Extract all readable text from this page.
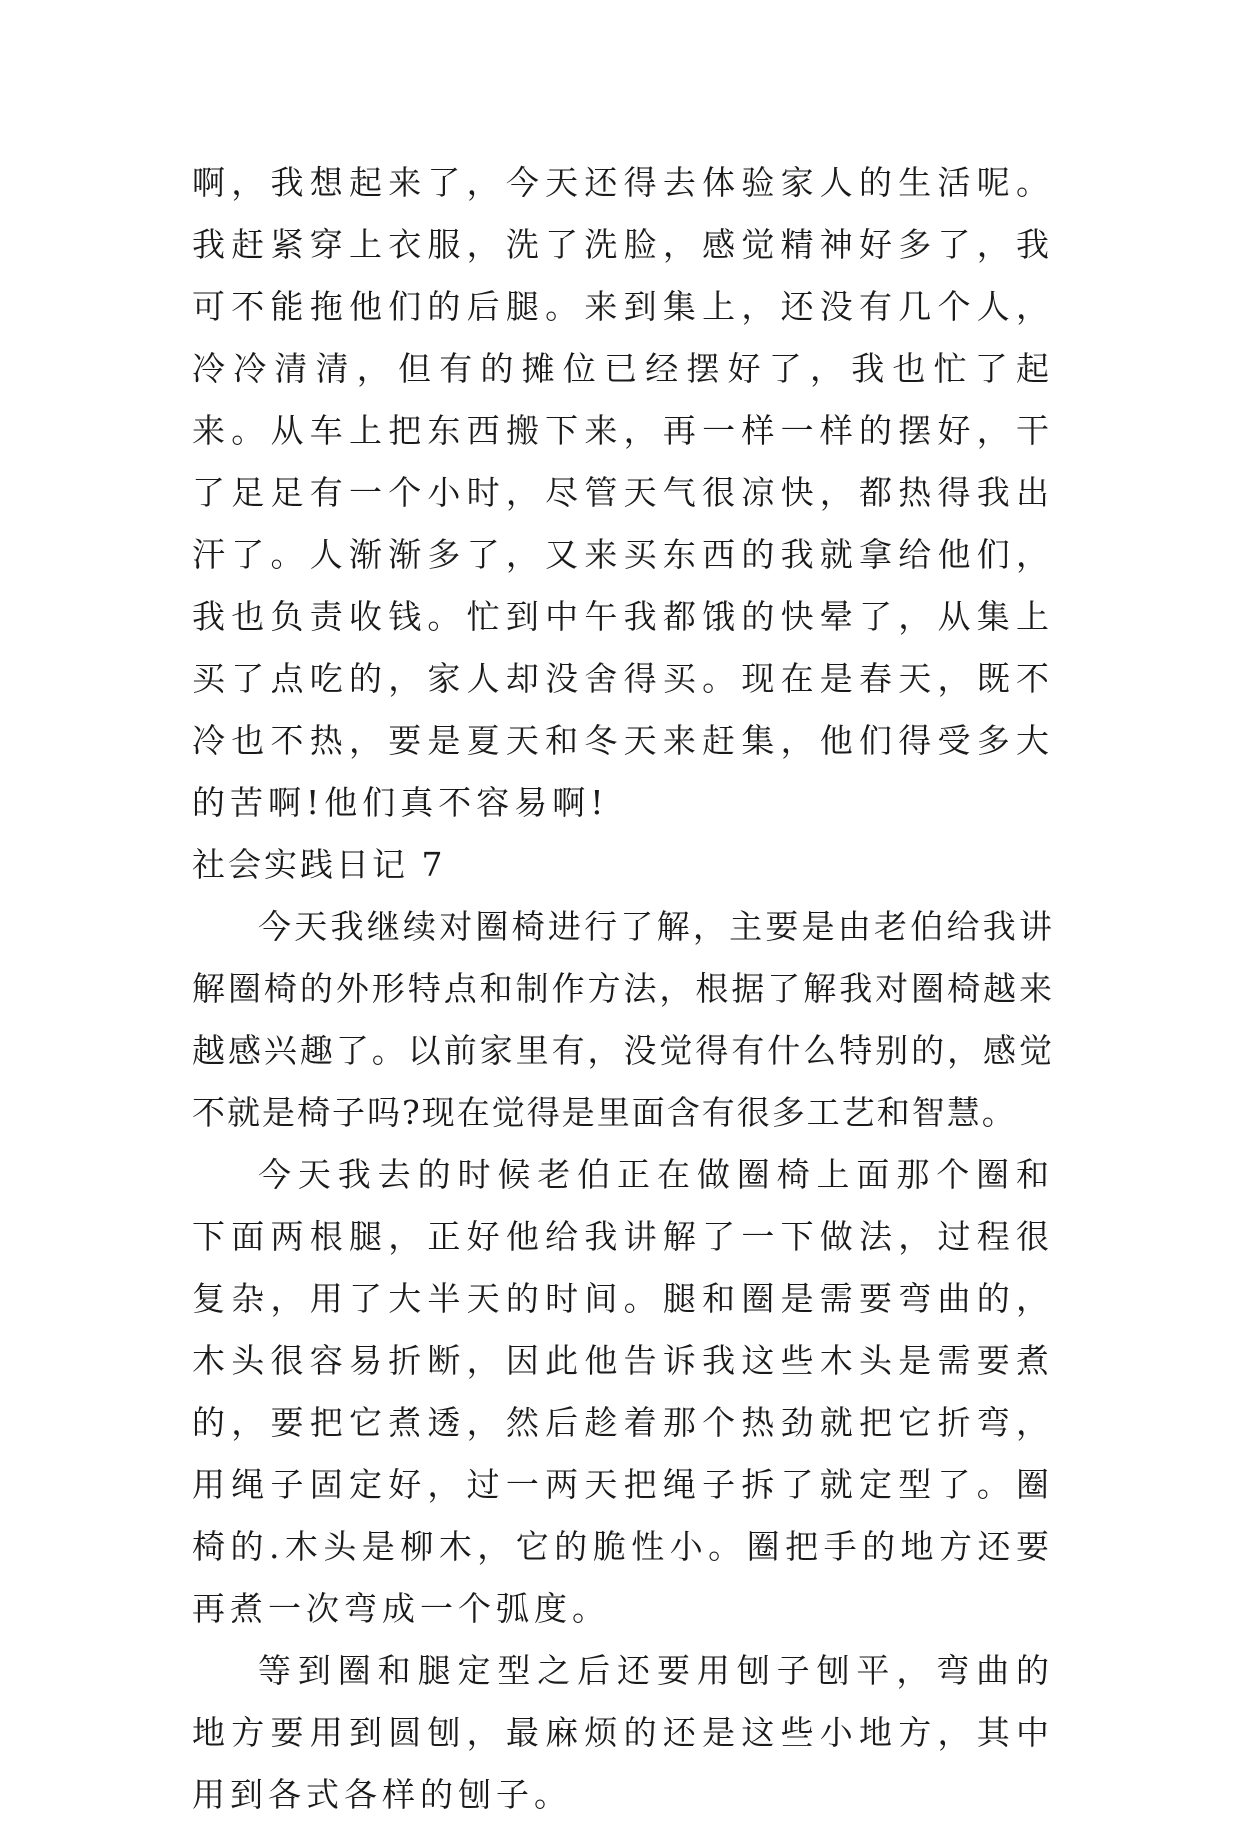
啊，我想起来了，今天还得去体验家人的生活呢。我赶紧穿上衣服，洗了洗脸，感觉精神好多了，我可不能拖他们的后腿。来到集上，还没有几个人，冷冷清清，但有的摊位已经摆好了，我也忙了起来。从车上把东西搬下来，再一样一样的摆好，干了足足有一个小时，尽管天气很凉快，都热得我出汗了。人渐渐多了，又来买东西的我就拿给他们，我也负责收钱。忙到中午我都饿的快晕了，从集上买了点吃的，家人却没舍得买。现在是春天，既不冷也不热，要是夏天和冬天来赶集，他们得受多大的苦啊!他们真不容易啊!

社会实践日记 7

今天我继续对圈椅进行了解，主要是由老伯给我讲解圈椅的外形特点和制作方法，根据了解我对圈椅越来越感兴趣了。以前家里有，没觉得有什么特别的，感觉不就是椅子吗?现在觉得是里面含有很多工艺和智慧。

今天我去的时候老伯正在做圈椅上面那个圈和下面两根腿，正好他给我讲解了一下做法，过程很复杂，用了大半天的时间。腿和圈是需要弯曲的，木头很容易折断，因此他告诉我这些木头是需要煮的，要把它煮透，然后趁着那个热劲就把它折弯，用绳子固定好，过一两天把绳子拆了就定型了。圈椅的.木头是柳木，它的脆性小。圈把手的地方还要再煮一次弯成一个弧度。

等到圈和腿定型之后还要用刨子刨平，弯曲的地方要用到圆刨，最麻烦的还是这些小地方，其中用到各式各样的刨子。
